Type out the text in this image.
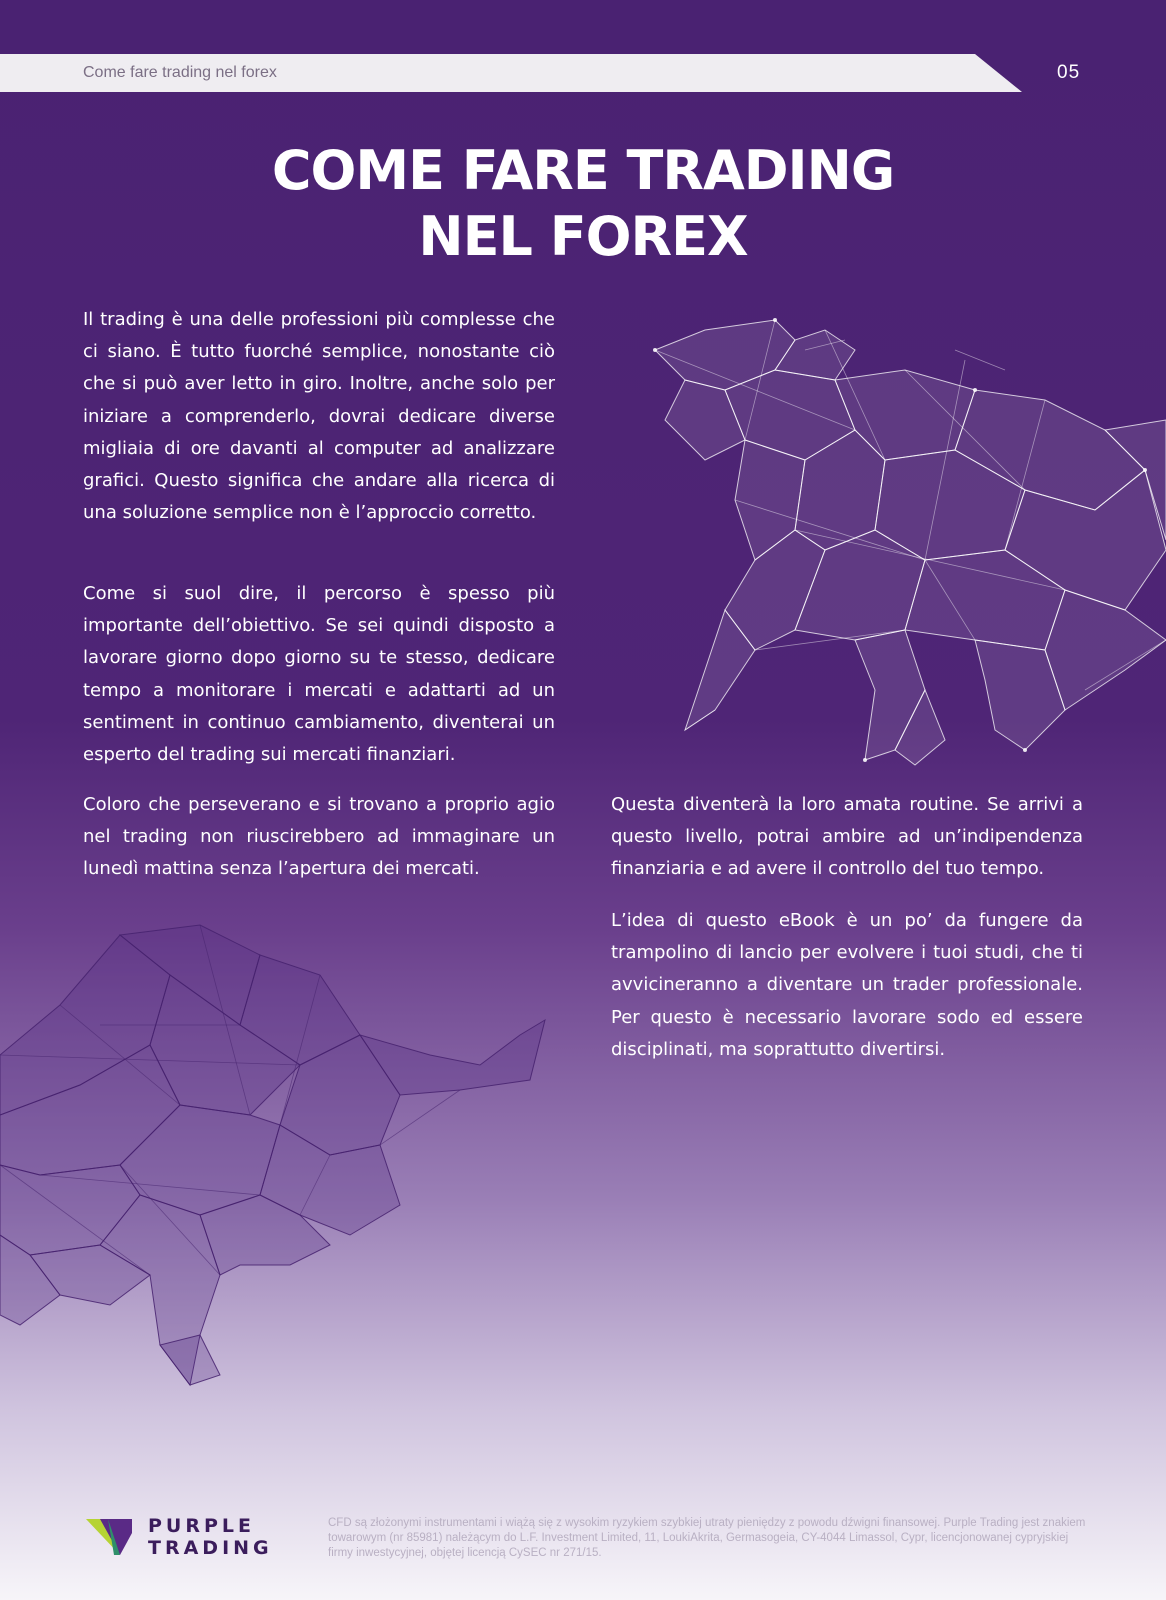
Come fare trading nel forex	05
COME FARE TRADING
NEL FOREX

Il trading è una delle professioni più complesse che ci siano. È tutto fuorché semplice, nonostante ciò che si può aver letto in giro. Inoltre, anche solo per iniziare a comprenderlo, dovrai dedicare diverse migliaia di ore davanti al computer ad analizzare grafici. Questo significa che andare alla ricerca di una soluzione semplice non è l’approccio corretto.

Come si suol dire, il percorso è spesso più importante dell’obiettivo. Se sei quindi disposto a lavorare giorno dopo giorno su te stesso, dedicare tempo a monitorare i mercati e adattarti ad un sentiment in continuo cambiamento, diventerai un esperto del trading sui mercati finanziari.

Coloro che perseverano e si trovano a proprio agio nel trading non riuscirebbero ad immaginare un lunedì mattina senza l’apertura dei mercati.

Questa diventerà la loro amata routine. Se arrivi a questo livello, potrai ambire ad un’indipendenza finanziaria e ad avere il controllo del tuo tempo.

L’idea di questo eBook è un po’ da fungere da trampolino di lancio per evolvere i tuoi studi, che ti avvicineranno a diventare un trader professionale. Per questo è necessario lavorare sodo ed essere disciplinati, ma soprattutto divertirsi.

PURPLE
TRADING
CFD są złożonymi instrumentami i wiążą się z wysokim ryzykiem szybkiej utraty pieniędzy z powodu dźwigni finansowej. Purple Trading jest znakiem towarowym (nr 85981) należącym do L.F. Investment Limited, 11, LoukiAkrita, Germasogeia, CY-4044 Limassol, Cypr, licencjonowanej cypryjskiej firmy inwestycyjnej, objętej licencją CySEC nr 271/15.
